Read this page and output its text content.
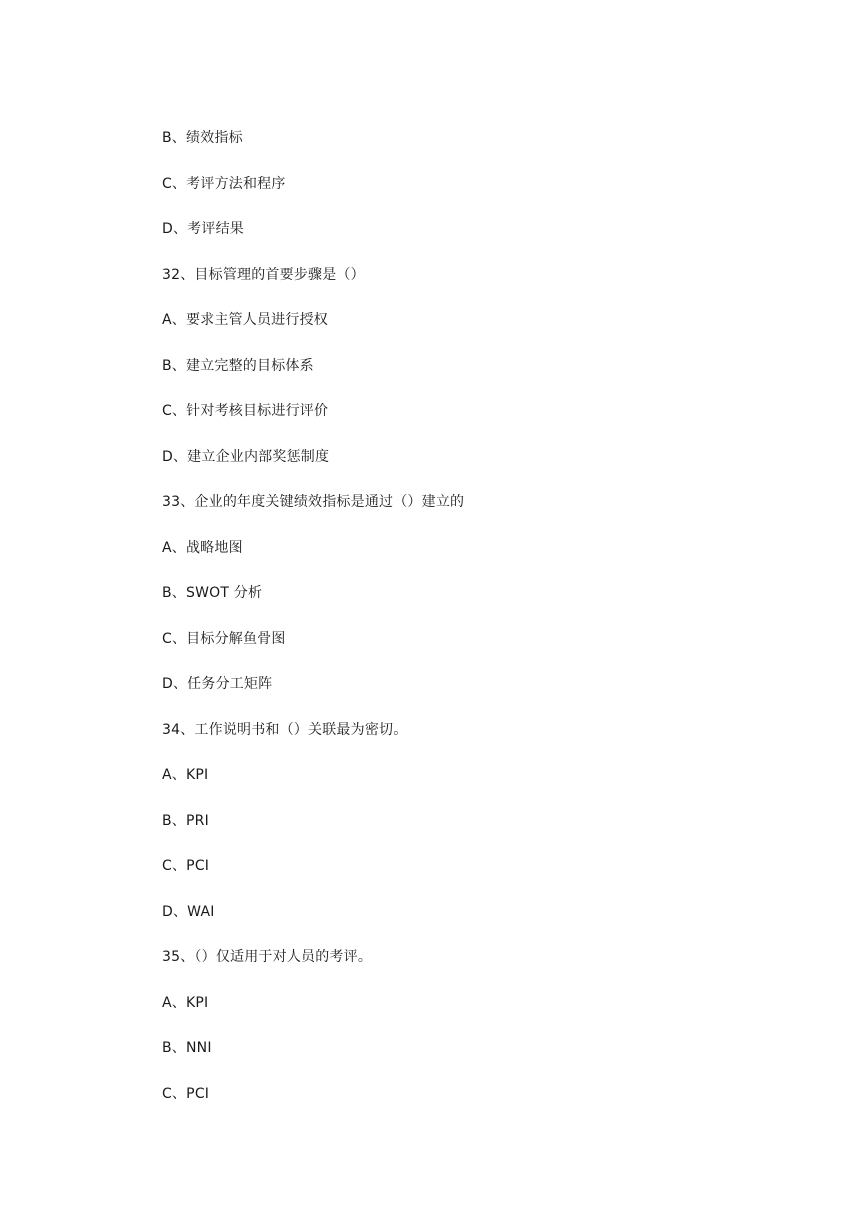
B、绩效指标
C、考评方法和程序
D、考评结果
32、目标管理的首要步骤是（）
A、要求主管人员进行授权
B、建立完整的目标体系
C、针对考核目标进行评价
D、建立企业内部奖惩制度
33、企业的年度关键绩效指标是通过（）建立的
A、战略地图
B、SWOT 分析
C、目标分解鱼骨图
D、任务分工矩阵
34、工作说明书和（）关联最为密切。
A、KPI
B、PRI
C、PCI
D、WAI
35、（）仅适用于对人员的考评。
A、KPI
B、NNI
C、PCI
